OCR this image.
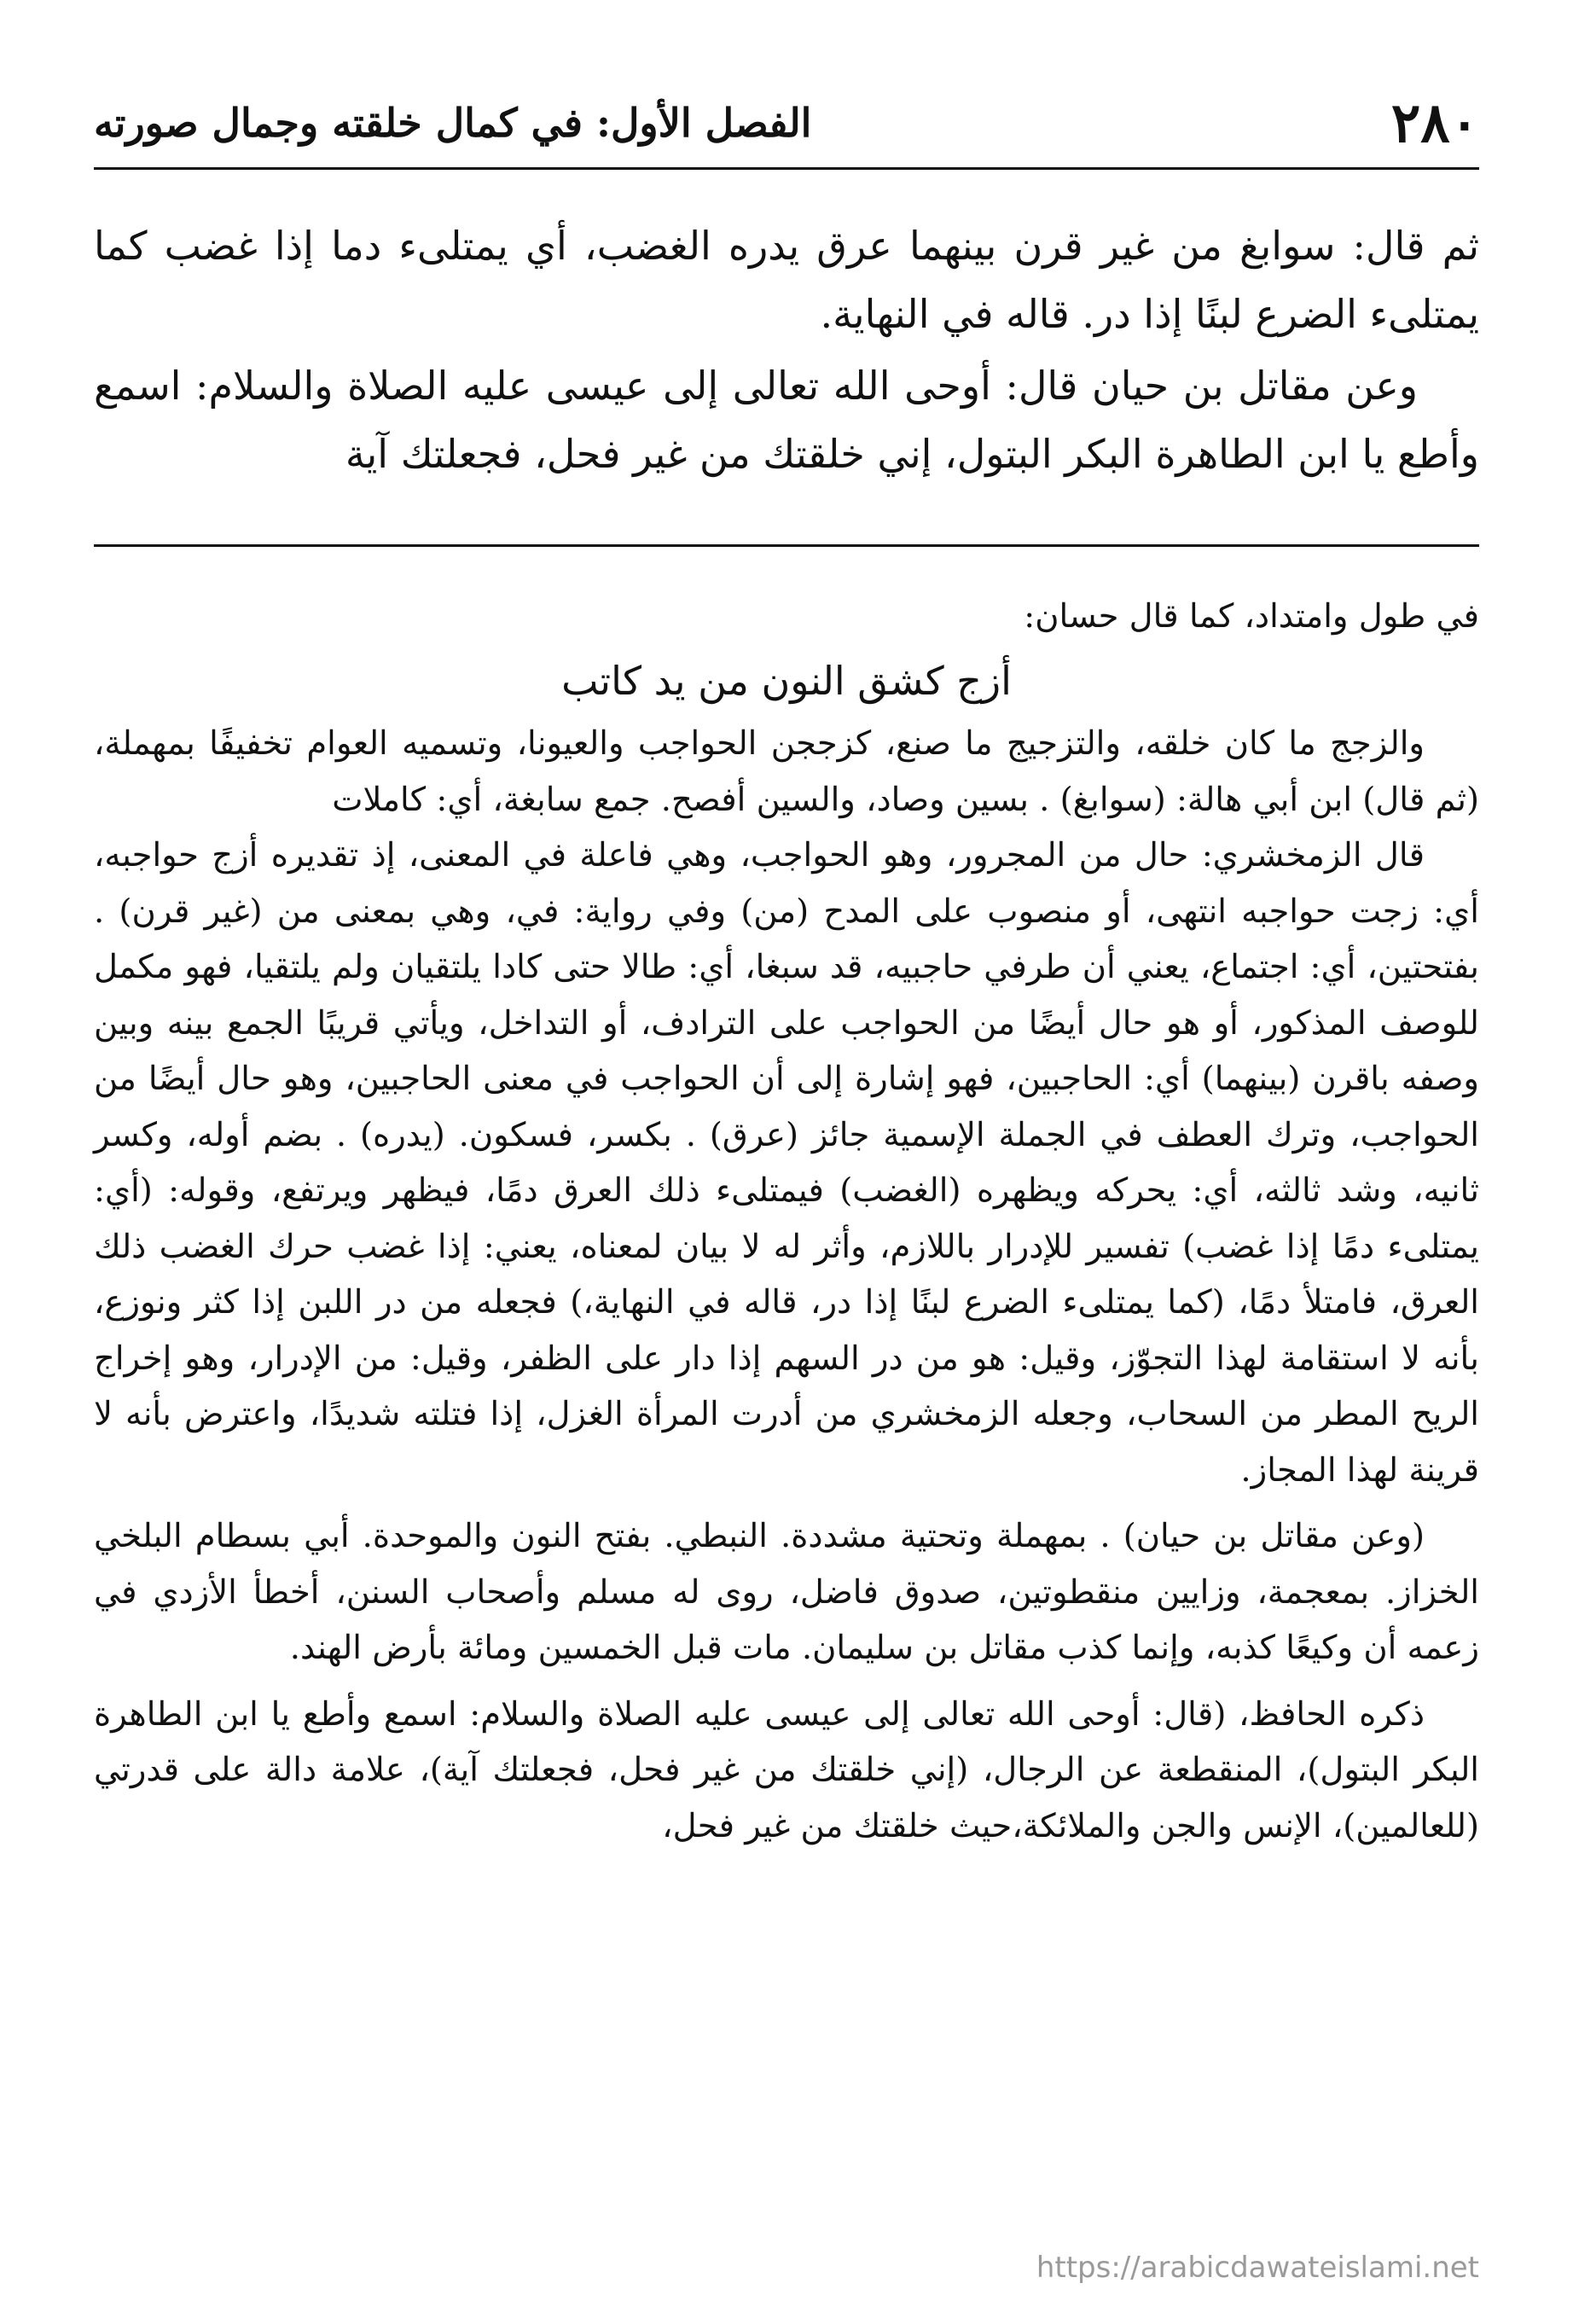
٢٨٠
الفصل الأول: في كمال خلقته وجمال صورته

ثم قال: سوابغ من غير قرن بينهما عرق يدره الغضب، أي يمتلىء دما إذا غضب كما يمتلىء الضرع لبنًا إذا در. قاله في النهاية.

وعن مقاتل بن حيان قال: أوحى الله تعالى إلى عيسى عليه الصلاة والسلام: اسمع وأطع يا ابن الطاهرة البكر البتول، إني خلقتك من غير فحل، فجعلتك آية

في طول وامتداد، كما قال حسان:

أزج كشق النون من يد كاتب

والزجج ما كان خلقه، والتزجيج ما صنع، كزججن الحواجب والعيونا، وتسميه العوام تخفيفًا بمهملة، (ثم قال) ابن أبي هالة: (سوابغ) . بسين وصاد، والسين أفصح. جمع سابغة، أي: كاملات

قال الزمخشري: حال من المجرور، وهو الحواجب، وهي فاعلة في المعنى، إذ تقديره أزج حواجبه، أي: زجت حواجبه انتهى، أو منصوب على المدح (من) وفي رواية: في، وهي بمعنى من (غير قرن) . بفتحتين، أي: اجتماع، يعني أن طرفي حاجبيه، قد سبغا، أي: طالا حتى كادا يلتقيان ولم يلتقيا، فهو مكمل للوصف المذكور، أو هو حال أيضًا من الحواجب على الترادف، أو التداخل، ويأتي قريبًا الجمع بينه وبين وصفه باقرن (بينهما) أي: الحاجبين، فهو إشارة إلى أن الحواجب في معنى الحاجبين، وهو حال أيضًا من الحواجب، وترك العطف في الجملة الإسمية جائز (عرق) . بكسر، فسكون. (يدره) . بضم أوله، وكسر ثانيه، وشد ثالثه، أي: يحركه ويظهره (الغضب) فيمتلىء ذلك العرق دمًا، فيظهر ويرتفع، وقوله: (أي: يمتلىء دمًا إذا غضب) تفسير للإدرار باللازم، وأثر له لا بيان لمعناه، يعني: إذا غضب حرك الغضب ذلك العرق، فامتلأ دمًا، (كما يمتلىء الضرع لبنًا إذا در، قاله في النهاية،) فجعله من در اللبن إذا كثر ونوزع، بأنه لا استقامة لهذا التجوّز، وقيل: هو من در السهم إذا دار على الظفر، وقيل: من الإدرار، وهو إخراج الريح المطر من السحاب، وجعله الزمخشري من أدرت المرأة الغزل، إذا فتلته شديدًا، واعترض بأنه لا قرينة لهذا المجاز.

(وعن مقاتل بن حيان) . بمهملة وتحتية مشددة. النبطي. بفتح النون والموحدة. أبي بسطام البلخي الخزاز. بمعجمة، وزايين منقطوتين، صدوق فاضل، روى له مسلم وأصحاب السنن، أخطأ الأزدي في زعمه أن وكيعًا كذبه، وإنما كذب مقاتل بن سليمان. مات قبل الخمسين ومائة بأرض الهند.

ذكره الحافظ، (قال: أوحى الله تعالى إلى عيسى عليه الصلاة والسلام: اسمع وأطع يا ابن الطاهرة البكر البتول)، المنقطعة عن الرجال، (إني خلقتك من غير فحل، فجعلتك آية)، علامة دالة على قدرتي (للعالمين)، الإنس والجن والملائكة،حيث خلقتك من غير فحل،

https://arabicdawateislami.net
